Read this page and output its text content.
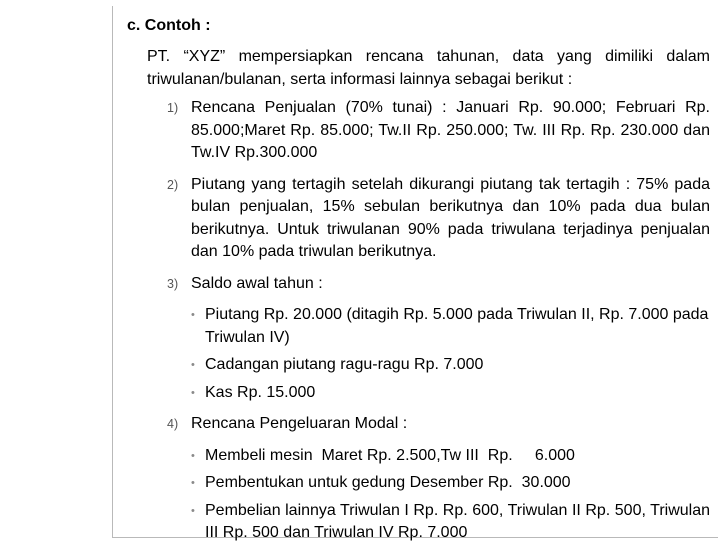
c. Contoh :

PT. “XYZ” mempersiapkan rencana tahunan, data yang dimiliki dalam triwulanan/bulanan, serta informasi lainnya sebagai berikut :

1) Rencana Penjualan (70% tunai) : Januari Rp. 90.000; Februari Rp. 85.000;Maret Rp. 85.000; Tw.II Rp. 250.000; Tw. III Rp. Rp. 230.000 dan Tw.IV Rp.300.000
2) Piutang yang tertagih setelah dikurangi piutang tak tertagih : 75% pada bulan penjualan, 15% sebulan berikutnya dan 10% pada dua bulan berikutnya. Untuk triwulanan 90% pada triwulana terjadinya penjualan dan 10% pada triwulan berikutnya.
3) Saldo awal tahun :
• Piutang Rp. 20.000 (ditagih Rp. 5.000 pada Triwulan II, Rp. 7.000 pada Triwulan IV)
• Cadangan piutang ragu-ragu Rp. 7.000
• Kas Rp. 15.000
4) Rencana Pengeluaran Modal :
• Membeli mesin  Maret Rp. 2.500,Tw III  Rp.     6.000
• Pembentukan untuk gedung Desember Rp.  30.000
• Pembelian lainnya Triwulan I Rp. Rp. 600, Triwulan II Rp. 500, Triwulan III Rp. 500 dan Triwulan IV Rp. 7.000
